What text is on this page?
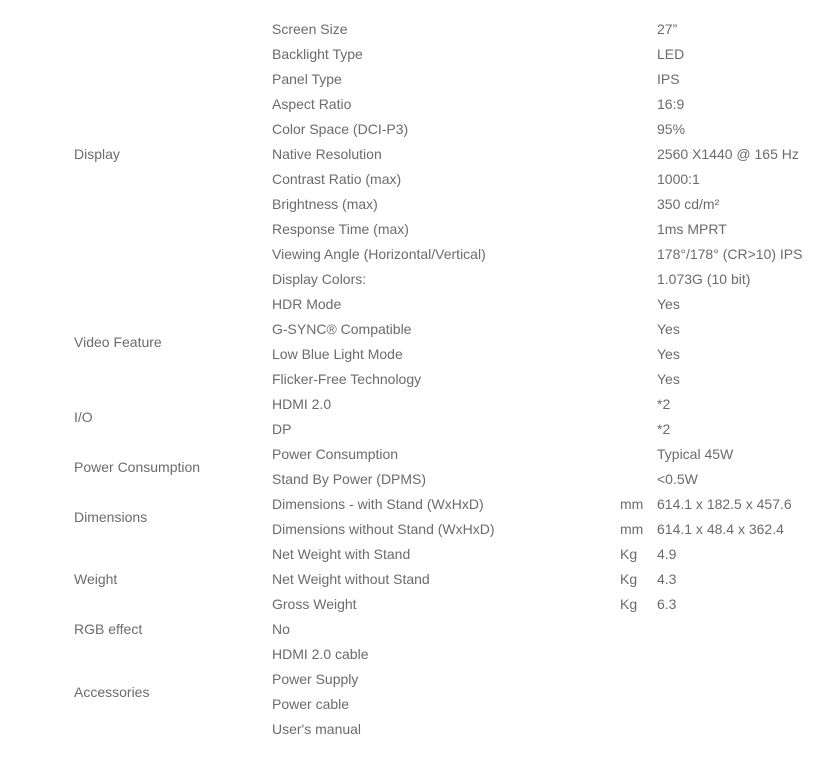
Display	Screen Size		27”
	Backlight Type		LED
	Panel Type		IPS
	Aspect Ratio		16:9
	Color Space (DCI-P3)		95%
	Native Resolution		2560 X1440 @ 165 Hz
	Contrast Ratio (max)		1000:1
	Brightness (max)		350 cd/m²
	Response Time (max)		1ms MPRT
	Viewing Angle (Horizontal/Vertical)		178°/178° (CR>10) IPS
	Display Colors:		1.073G (10 bit)
Video Feature	HDR Mode		Yes
	G-SYNC® Compatible		Yes
	Low Blue Light Mode		Yes
	Flicker-Free Technology		Yes
I/O	HDMI 2.0		*2
	DP		*2
Power Consumption	Power Consumption		Typical 45W
	Stand By Power (DPMS)		<0.5W
Dimensions	Dimensions - with Stand (WxHxD)	mm	614.1 x 182.5 x 457.6
	Dimensions without Stand (WxHxD)	mm	614.1 x 48.4 x 362.4
Weight	Net Weight with Stand	Kg	4.9
	Net Weight without Stand	Kg	4.3
	Gross Weight	Kg	6.3
RGB effect	No		
Accessories	HDMI 2.0 cable		
	Power Supply		
	Power cable		
	User's manual		
